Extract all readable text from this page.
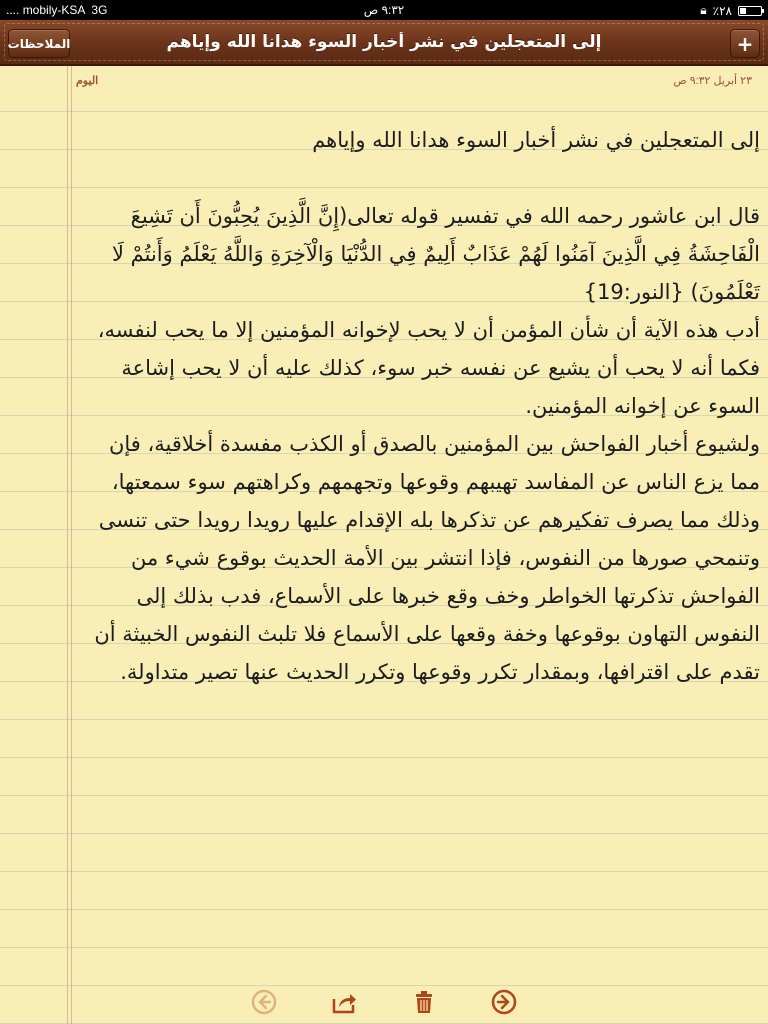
.... mobily-KSA 3G	٩:٣٢ ص	🔒︎ ٪٢٨
الملاحظات	إلى المتعجلين في نشر أخبار السوء هدانا الله وإياهم	+
اليوم	٢٣ أبريل ٩:٣٢ ص

إلى المتعجلين في نشر أخبار السوء هدانا الله وإياهم

قال ابن عاشور رحمه الله في تفسير قوله تعالى(إِنَّ الَّذِينَ يُحِبُّونَ أَن تَشِيعَ الْفَاحِشَةُ فِي الَّذِينَ آمَنُوا لَهُمْ عَذَابٌ أَلِيمٌ فِي الدُّنْيَا وَالْآخِرَةِ وَاللَّهُ يَعْلَمُ وَأَنتُمْ لَا تَعْلَمُونَ) {النور:19}

أدب هذه الآية أن شأن المؤمن أن لا يحب لإخوانه المؤمنين إلا ما يحب لنفسه، فكما أنه لا يحب أن يشيع عن نفسه خبر سوء، كذلك عليه أن لا يحب إشاعة السوء عن إخوانه المؤمنين.

ولشيوع أخبار الفواحش بين المؤمنين بالصدق أو الكذب مفسدة أخلاقية، فإن مما يزع الناس عن المفاسد تهيبهم وقوعها وتجهمهم وكراهتهم سوء سمعتها، وذلك مما يصرف تفكيرهم عن تذكرها بله الإقدام عليها رويدا رويدا حتى تنسى وتنمحي صورها من النفوس، فإذا انتشر بين الأمة الحديث بوقوع شيء من الفواحش تذكرتها الخواطر وخف وقع خبرها على الأسماع، فدب بذلك إلى النفوس التهاون بوقوعها وخفة وقعها على الأسماع فلا تلبث النفوس الخبيثة أن تقدم على اقترافها، وبمقدار تكرر وقوعها وتكرر الحديث عنها تصير متداولة.
